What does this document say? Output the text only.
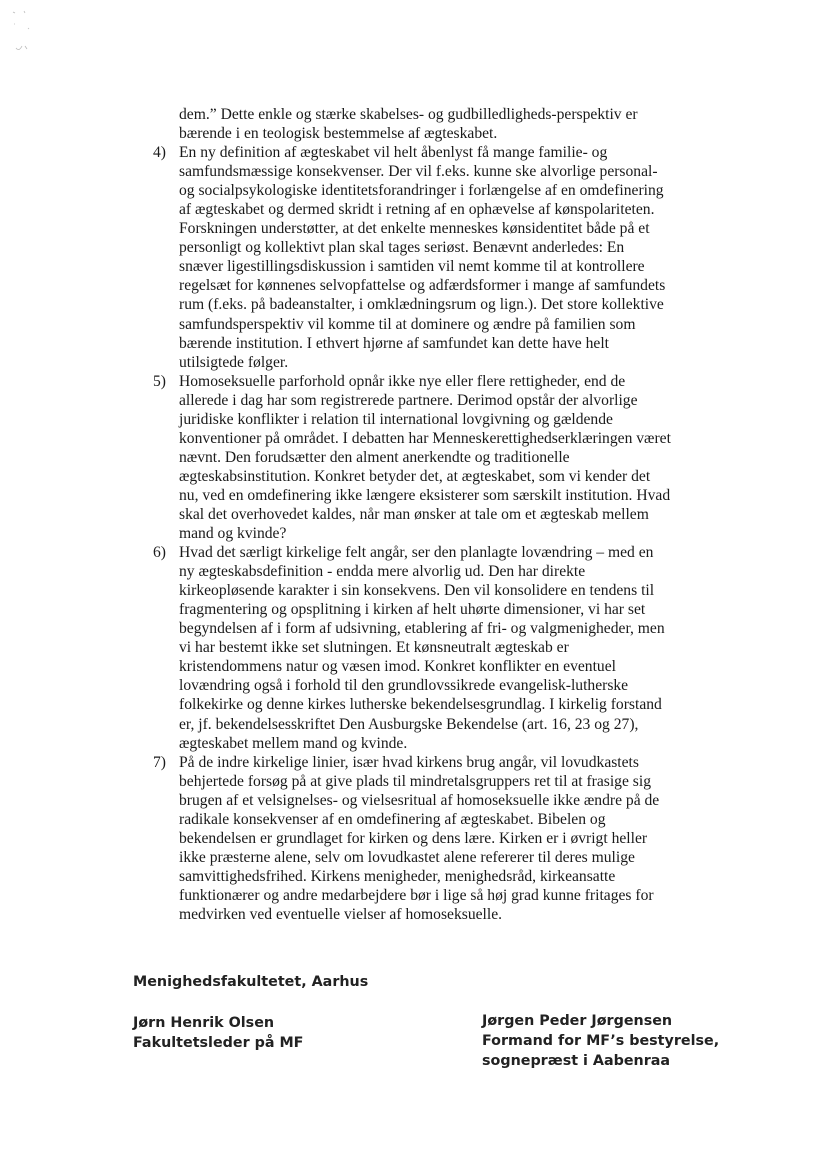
dem.” Dette enkle og stærke skabelses- og gudbilledligheds-perspektiv er
bærende i en teologisk bestemmelse af ægteskabet.
4) En ny definition af ægteskabet vil helt åbenlyst få mange familie- og
samfundsmæssige konsekvenser. Der vil f.eks. kunne ske alvorlige personal-
og socialpsykologiske identitetsforandringer i forlængelse af en omdefinering
af ægteskabet og dermed skridt i retning af en ophævelse af kønspolariteten.
Forskningen understøtter, at det enkelte menneskes kønsidentitet både på et
personligt og kollektivt plan skal tages seriøst. Benævnt anderledes: En
snæver ligestillingsdiskussion i samtiden vil nemt komme til at kontrollere
regelsæt for kønnenes selvopfattelse og adfærdsformer i mange af samfundets
rum (f.eks. på badeanstalter, i omklædningsrum og lign.). Det store kollektive
samfundsperspektiv vil komme til at dominere og ændre på familien som
bærende institution. I ethvert hjørne af samfundet kan dette have helt
utilsigtede følger.
5) Homoseksuelle parforhold opnår ikke nye eller flere rettigheder, end de
allerede i dag har som registrerede partnere. Derimod opstår der alvorlige
juridiske konflikter i relation til international lovgivning og gældende
konventioner på området. I debatten har Menneskerettighedserklæringen været
nævnt. Den forudsætter den alment anerkendte og traditionelle
ægteskabsinstitution. Konkret betyder det, at ægteskabet, som vi kender det
nu, ved en omdefinering ikke længere eksisterer som særskilt institution. Hvad
skal det overhovedet kaldes, når man ønsker at tale om et ægteskab mellem
mand og kvinde?
6) Hvad det særligt kirkelige felt angår, ser den planlagte lovændring – med en
ny ægteskabsdefinition - endda mere alvorlig ud. Den har direkte
kirkeopløsende karakter i sin konsekvens. Den vil konsolidere en tendens til
fragmentering og opsplitning i kirken af helt uhørte dimensioner, vi har set
begyndelsen af i form af udsivning, etablering af fri- og valgmenigheder, men
vi har bestemt ikke set slutningen. Et kønsneutralt ægteskab er
kristendommens natur og væsen imod. Konkret konflikter en eventuel
lovændring også i forhold til den grundlovssikrede evangelisk-lutherske
folkekirke og denne kirkes lutherske bekendelsesgrundlag. I kirkelig forstand
er, jf. bekendelsesskriftet Den Ausburgske Bekendelse (art. 16, 23 og 27),
ægteskabet mellem mand og kvinde.
7) På de indre kirkelige linier, især hvad kirkens brug angår, vil lovudkastets
behjertede forsøg på at give plads til mindretalsgruppers ret til at frasige sig
brugen af et velsignelses- og vielsesritual af homoseksuelle ikke ændre på de
radikale konsekvenser af en omdefinering af ægteskabet. Bibelen og
bekendelsen er grundlaget for kirken og dens lære. Kirken er i øvrigt heller
ikke præsterne alene, selv om lovudkastet alene refererer til deres mulige
samvittighedsfrihed. Kirkens menigheder, menighedsråd, kirkeansatte
funktionærer og andre medarbejdere bør i lige så høj grad kunne fritages for
medvirken ved eventuelle vielser af homoseksuelle.
Menighedsfakultetet, Aarhus
Jørn Henrik Olsen
Fakultetsleder på MF
Jørgen Peder Jørgensen
Formand for MF’s bestyrelse,
sognepræst i Aabenraa
